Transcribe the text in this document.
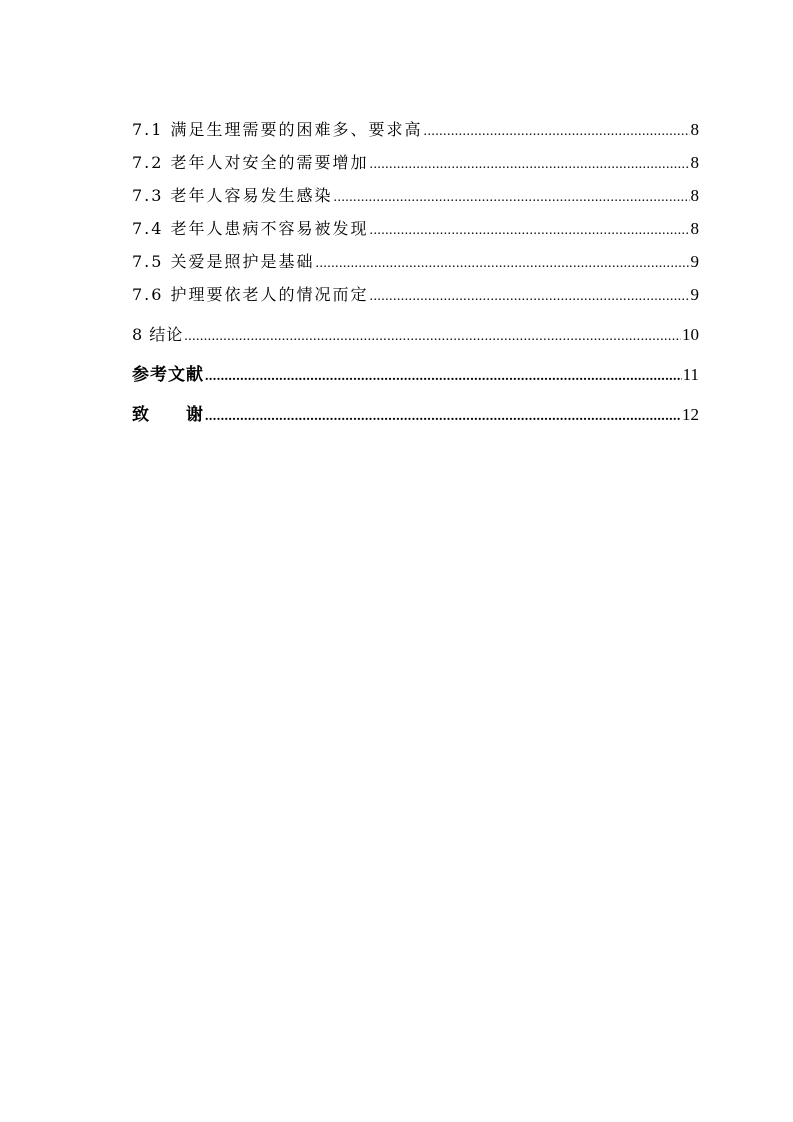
7.1 满足生理需要的困难多、要求高 .....	8
7.2 老年人对安全的需要增加 .....	8
7.3 老年人容易发生感染 .....	8
7.4 老年人患病不容易被发现 .....	8
7.5 关爱是照护是基础 .....	9
7.6 护理要依老人的情况而定 .....	9
8 结论 .....	10
参考文献 .....	11
致 谢 .....	12
